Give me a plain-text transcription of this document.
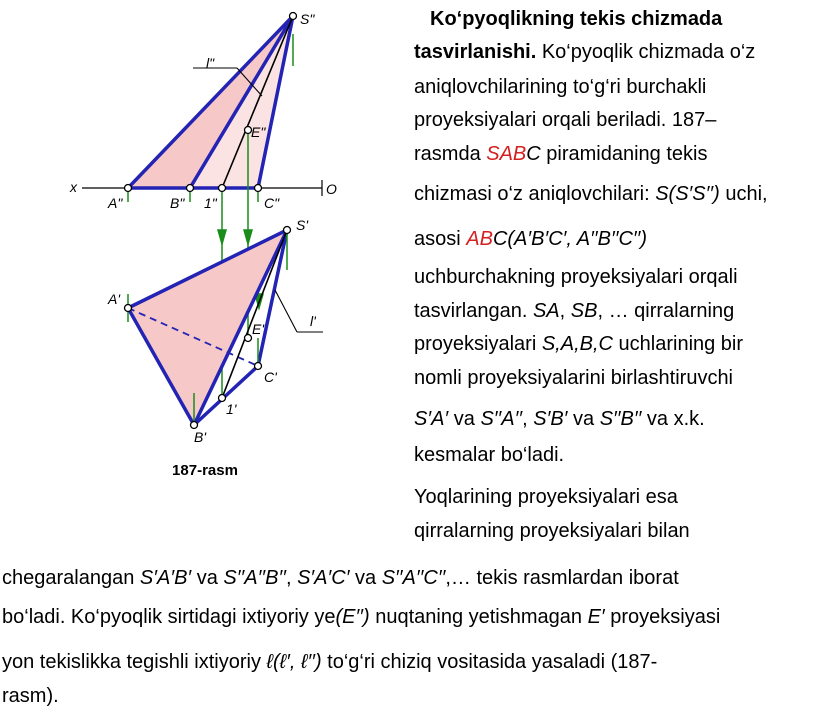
S"
l"
E"
x	O
A"	B" 1"	C"
S'
A'
E'	l'
C'
1'
B'
187-rasm
Ko‘pyoqlikning tekis chizmada
tasvirlanishi. Ko‘pyoqlik chizmada o‘z
aniqlovchilarining to‘g‘ri burchakli
proyeksiyalari orqali beriladi. 187–
rasmda SABC piramidaning tekis
chizmasi o‘z aniqlovchilari: S(S′S′′) uchi,
asosi ABC(A′B′C′, A′′B′′C′′)
uchburchakning proyeksiyalari orqali
tasvirlangan. SA, SB, … qirralarning
proyeksiyalari S,A,B,C uchlarining bir
nomli proyeksiyalarini birlashtiruvchi
S′A′ va S′′A′′, S′B′ va S′′B′′ va x.k.
kesmalar bo‘ladi.
Yoqlarining proyeksiyalari esa
qirralarning proyeksiyalari bilan
chegaralangan S′A′B′ va S′′A′′B′′, S′A′C′ va S′′A′′C′′,… tekis rasmlardan iborat
bo‘ladi. Ko‘pyoqlik sirtidagi ixtiyoriy ye(E′′) nuqtaning yetishmagan E′ proyeksiyasi
yon tekislikka tegishli ixtiyoriy ℓ(ℓ′, ℓ′′) to‘g‘ri chiziq vositasida yasaladi (187-
rasm).
